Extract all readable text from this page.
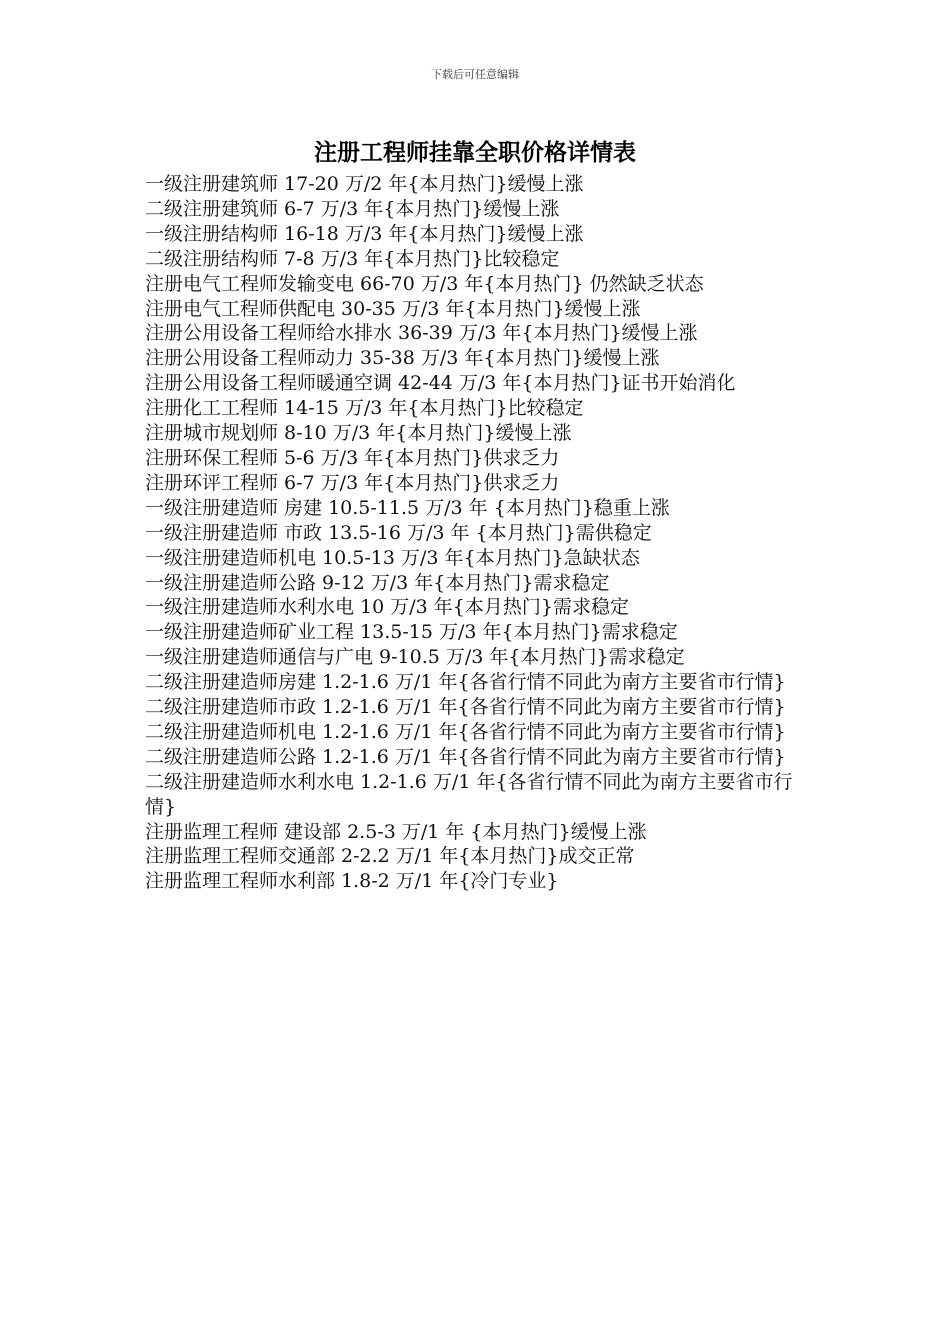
下载后可任意编辑
注册工程师挂靠全职价格详情表
一级注册建筑师 17-20 万/2 年{本月热门}缓慢上涨
二级注册建筑师 6-7 万/3 年{本月热门}缓慢上涨
一级注册结构师 16-18 万/3 年{本月热门}缓慢上涨
二级注册结构师 7-8 万/3 年{本月热门}比较稳定
注册电气工程师发输变电 66-70 万/3 年{本月热门} 仍然缺乏状态
注册电气工程师供配电 30-35 万/3 年{本月热门}缓慢上涨
注册公用设备工程师给水排水 36-39 万/3 年{本月热门}缓慢上涨
注册公用设备工程师动力 35-38 万/3 年{本月热门}缓慢上涨
注册公用设备工程师暖通空调 42-44 万/3 年{本月热门}证书开始消化
注册化工工程师 14-15 万/3 年{本月热门}比较稳定
注册城市规划师 8-10 万/3 年{本月热门}缓慢上涨
注册环保工程师 5-6 万/3 年{本月热门}供求乏力
注册环评工程师 6-7 万/3 年{本月热门}供求乏力
一级注册建造师 房建 10.5-11.5 万/3 年 {本月热门}稳重上涨
一级注册建造师 市政 13.5-16 万/3 年 {本月热门}需供稳定
一级注册建造师机电 10.5-13 万/3 年{本月热门}急缺状态
一级注册建造师公路 9-12 万/3 年{本月热门}需求稳定
一级注册建造师水利水电 10 万/3 年{本月热门}需求稳定
一级注册建造师矿业工程 13.5-15 万/3 年{本月热门}需求稳定
一级注册建造师通信与广电 9-10.5 万/3 年{本月热门}需求稳定
二级注册建造师房建 1.2-1.6 万/1 年{各省行情不同此为南方主要省市行情}
二级注册建造师市政 1.2-1.6 万/1 年{各省行情不同此为南方主要省市行情}
二级注册建造师机电 1.2-1.6 万/1 年{各省行情不同此为南方主要省市行情}
二级注册建造师公路 1.2-1.6 万/1 年{各省行情不同此为南方主要省市行情}
二级注册建造师水利水电 1.2-1.6 万/1 年{各省行情不同此为南方主要省市行情}
注册监理工程师 建设部 2.5-3 万/1 年 {本月热门}缓慢上涨
注册监理工程师交通部 2-2.2 万/1 年{本月热门}成交正常
注册监理工程师水利部 1.8-2 万/1 年{冷门专业}
